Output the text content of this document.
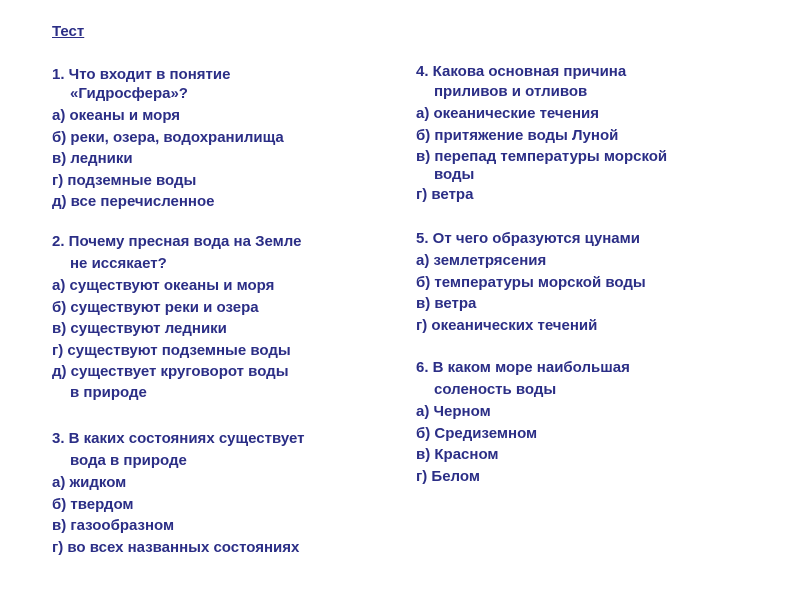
Тест
1. Что входит в понятие
«Гидросфера»?
а) океаны и моря
б) реки, озера, водохранилища
в) ледники
г) подземные воды
д) все перечисленное
2. Почему пресная вода на Земле
не иссякает?
а) существуют океаны и моря
б) существуют реки и озера
в) существуют ледники
г) существуют подземные воды
д) существует круговорот воды
в природе
3. В каких состояниях существует
вода в природе
а) жидком
б) твердом
в) газообразном
г) во всех названных состояниях
4. Какова основная причина
приливов и отливов
а) океанические течения
б) притяжение воды Луной
в) перепад температуры морской
воды
г) ветра
5. От чего образуются цунами
а) землетрясения
б) температуры морской воды
в) ветра
г) океанических течений
6. В каком море наибольшая
соленость воды
а) Черном
б) Средиземном
в) Красном
г) Белом
